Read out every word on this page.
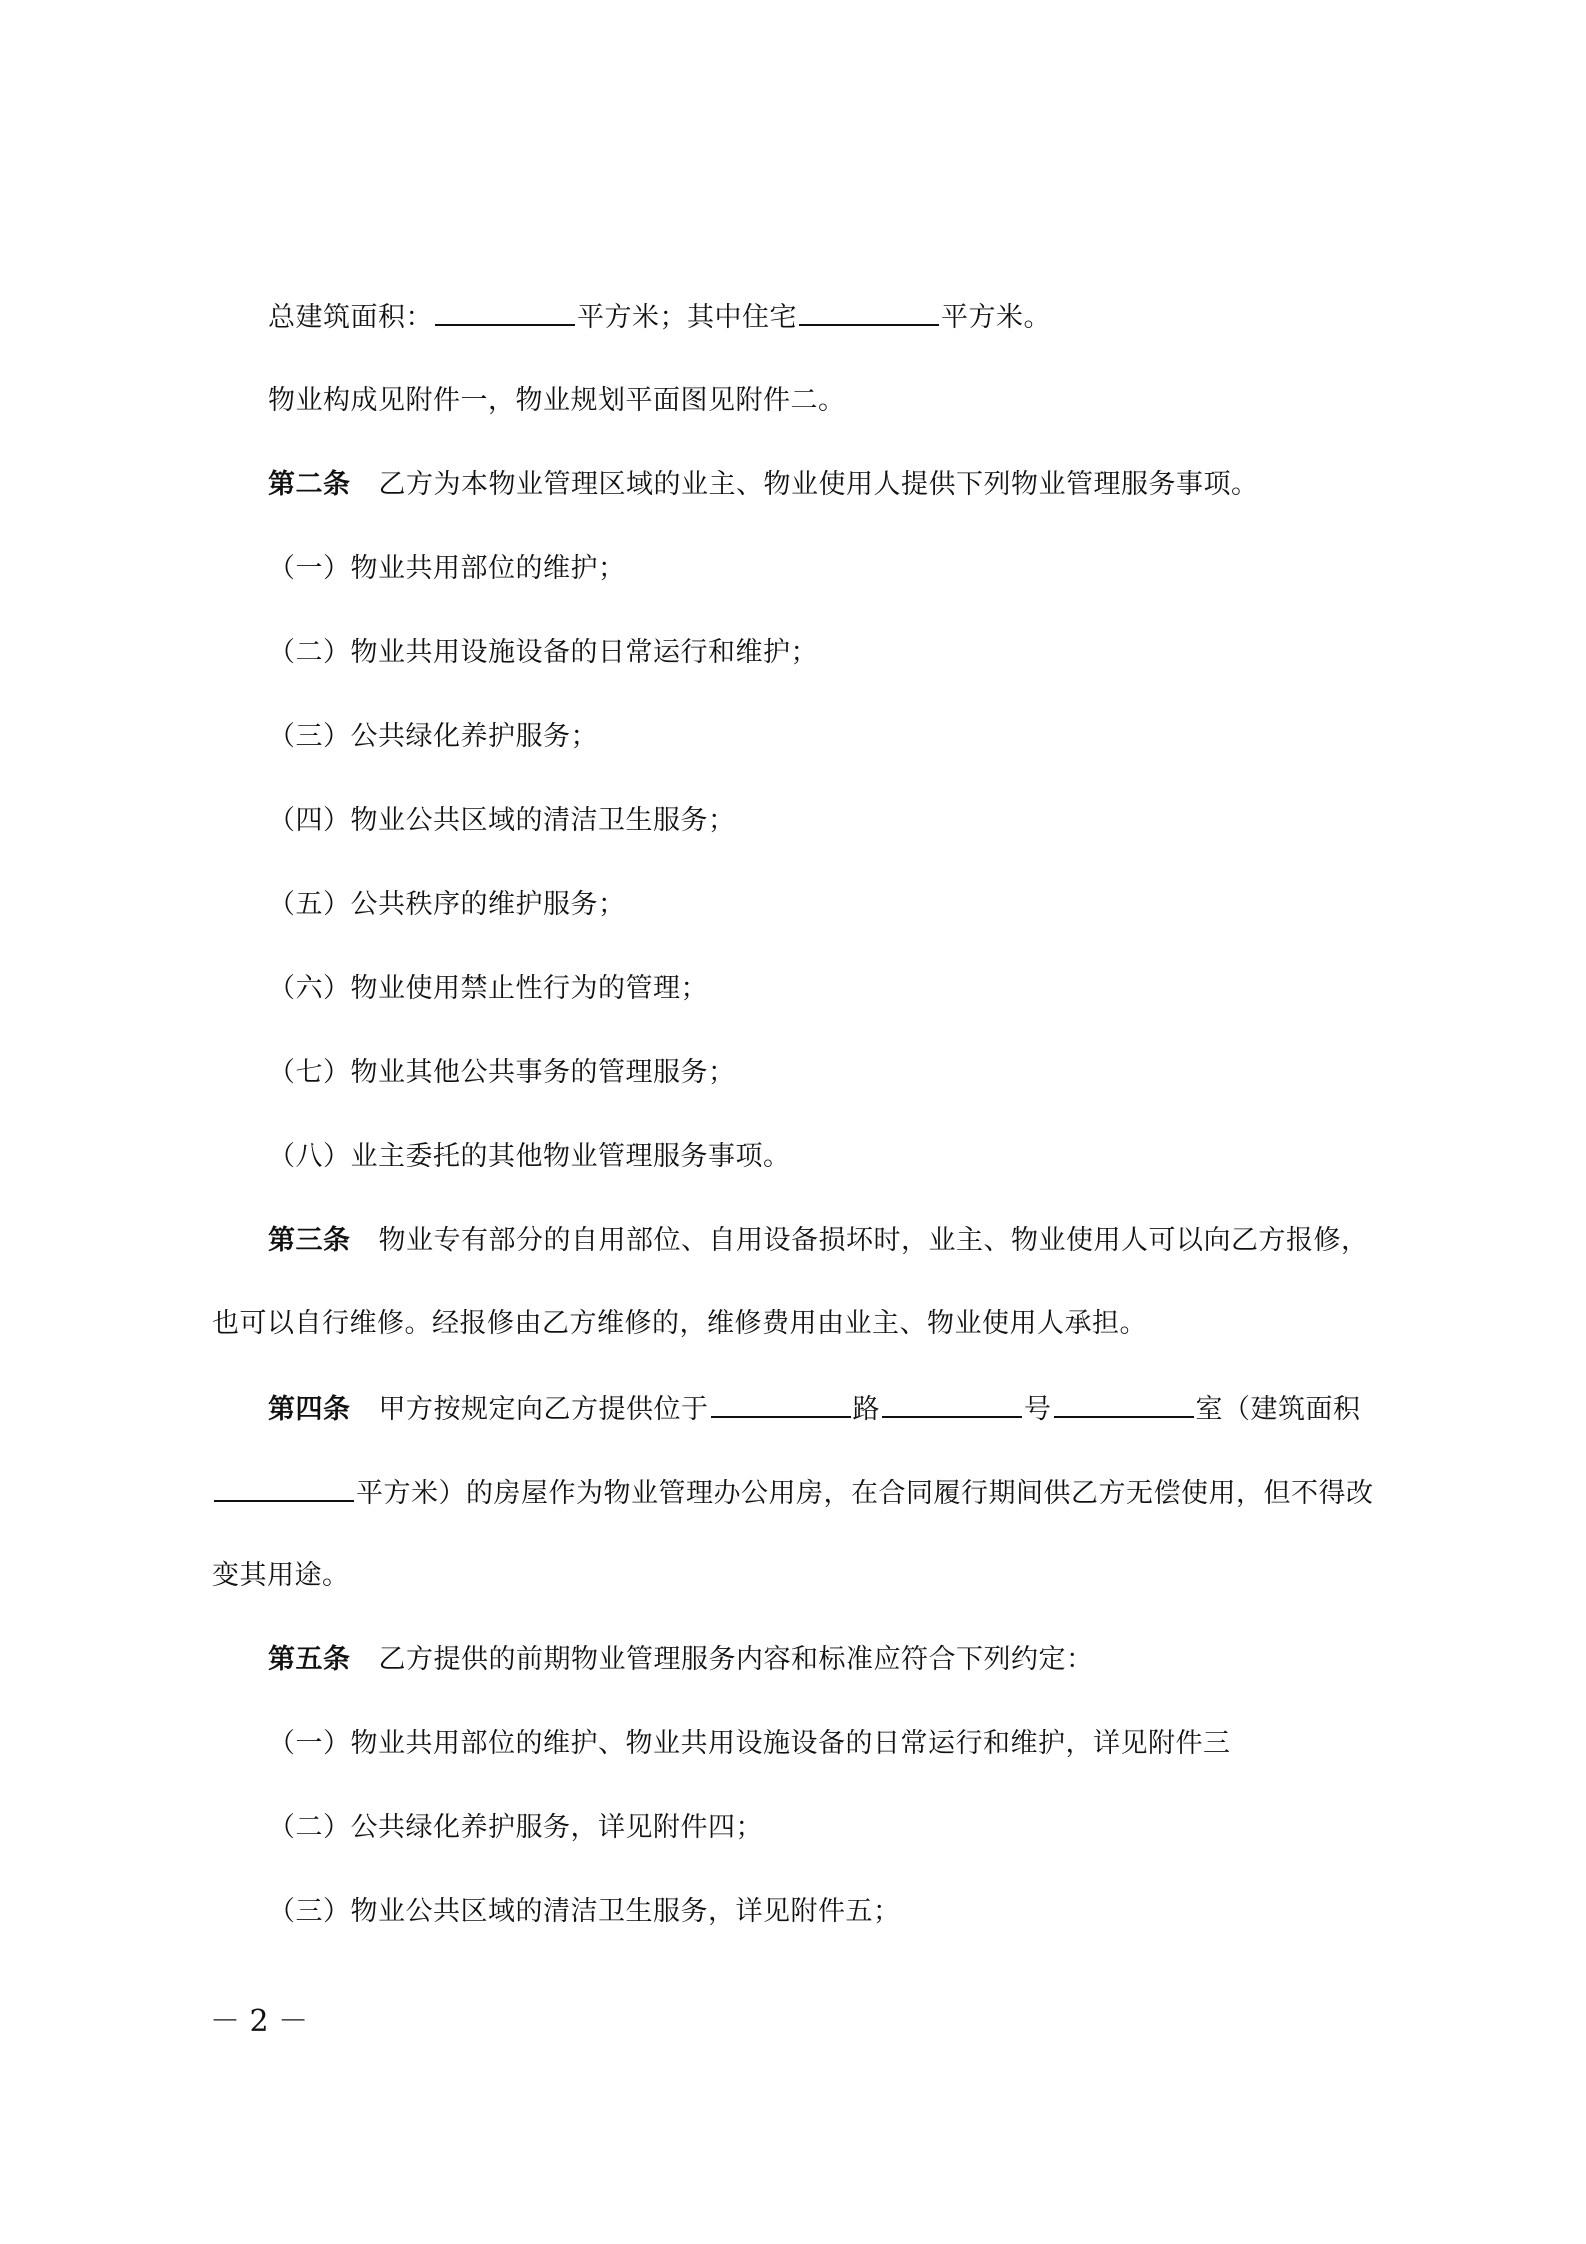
总建筑面积：	平方米；其中住宅	平方米。
物业构成见附件一，物业规划平面图见附件二。
第二条 乙方为本物业管理区域的业主、物业使用人提供下列物业管理服务事项。
（一）物业共用部位的维护；
（二）物业共用设施设备的日常运行和维护；
（三）公共绿化养护服务；
（四）物业公共区域的清洁卫生服务；
（五）公共秩序的维护服务；
（六）物业使用禁止性行为的管理；
（七）物业其他公共事务的管理服务；
（八）业主委托的其他物业管理服务事项。
第三条 物业专有部分的自用部位、自用设备损坏时，业主、物业使用人可以向乙方报修，
也可以自行维修。经报修由乙方维修的，维修费用由业主、物业使用人承担。
第四条 甲方按规定向乙方提供位于	路	号	室（建筑面积
平方米）的房屋作为物业管理办公用房，在合同履行期间供乙方无偿使用，但不得改
变其用途。
第五条 乙方提供的前期物业管理服务内容和标准应符合下列约定：
（一）物业共用部位的维护、物业共用设施设备的日常运行和维护，详见附件三
（二）公共绿化养护服务，详见附件四；
（三）物业公共区域的清洁卫生服务，详见附件五；
－ 2 －
